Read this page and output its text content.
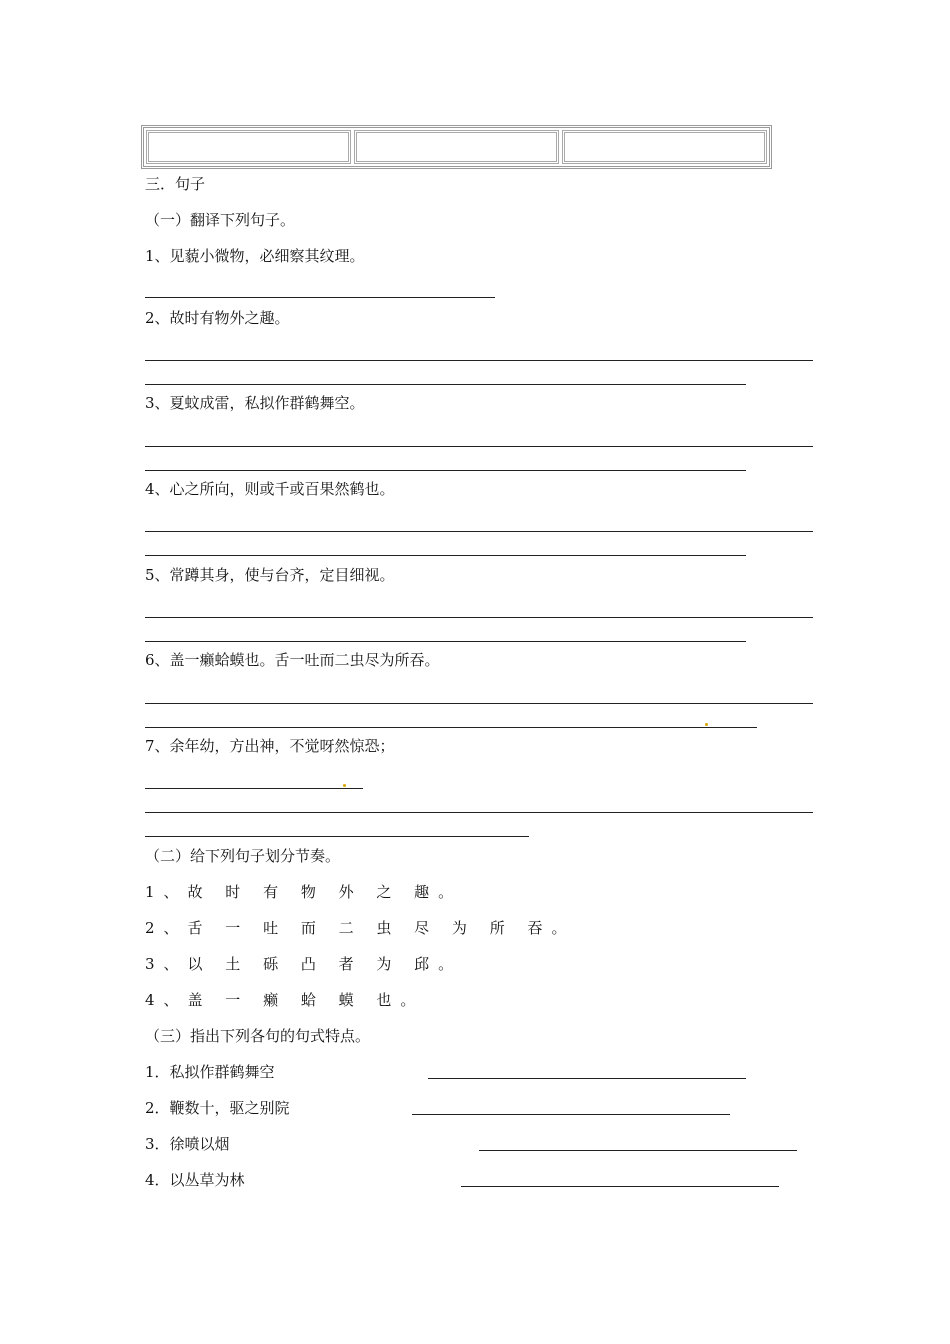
三．句子
（一）翻译下列句子。
1、见藐小微物，必细察其纹理。
2、故时有物外之趣。
3、夏蚊成雷，私拟作群鹤舞空。
4、心之所向，则或千或百果然鹤也。
5、常蹲其身，使与台齐，定目细视。
6、盖一癞蛤蟆也。舌一吐而二虫尽为所吞。
7、余年幼，方出神，不觉呀然惊恐；
（二）给下列句子划分节奏。
1、故 时 有 物 外 之 趣。
2、舌 一 吐 而 二 虫 尽 为 所 吞。
3、以 土 砾 凸 者 为 邱。
4、盖 一 癞 蛤 蟆 也。
（三）指出下列各句的句式特点。
1．私拟作群鹤舞空
2．鞭数十，驱之别院
3．徐喷以烟
4．以丛草为林
